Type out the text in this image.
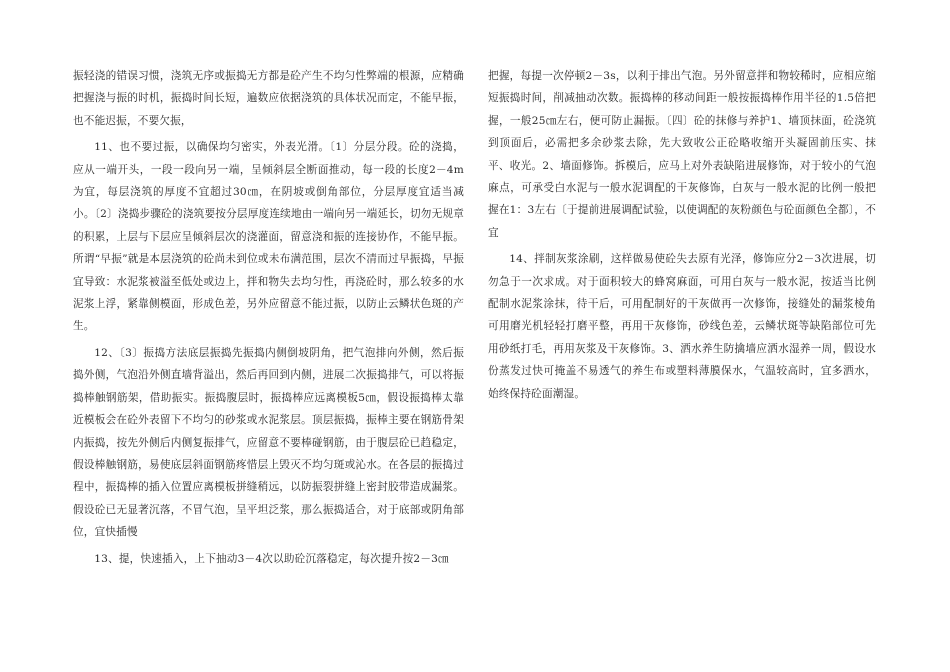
振轻浇的错误习惯，浇筑无序或振捣无方都是砼产生不均匀性弊端的根源，应精确　　把握浇与振的时机，振捣时间长短，遍数应依据浇筑的具体状况而定，不能早振，也不能迟振，不要欠振，

11、也不要过振，以确保均匀密实，外表光滑。〔1〕分层分段。砼的浇捣，应从一端开头，一段一段向另一端，呈倾斜层全断面推动，每一段的长度2－4m为宜，每层浇筑的厚度不宜超过30㎝，在阴坡或倒角部位，分层厚度宜适当减小。〔2〕浇捣步骤砼的浇筑要按分层厚度连续地由一端向另一端延长，切勿无规章的积累，上层与下层应呈倾斜层次的浇灌面，留意浇和振的连接协作，不能早振。所谓“早振”就是本层浇筑的砼尚未到位或未布满范围，层次不清而过早振捣，早振宜导致：水泥浆被溢至低处或边上，拌和物失去均匀性，再浇砼时，那么较多的水泥浆上浮，紧靠侧模面，形成色差，另外应留意不能过振，以防止云鳞状色斑的产生。

12、〔3〕振捣方法底层振捣先振捣内侧倒坡阴角，把气泡排向外侧，然后振捣外侧，气泡沿外侧直墙背溢出，然后再回到内侧，进展二次振捣排气，可以将振捣棒触钢筋架，借助振实。振捣腹层时，振捣棒应远离模板5㎝，假设振捣棒太靠近模板会在砼外表留下不均匀的砂浆或水泥浆层。顶层振捣，振棒主要在钢筋骨架内振捣，按先外侧后内侧复振排气，应留意不要棒碰钢筋，由于腹层砼已趋稳定，假设棒触钢筋，易使底层斜面钢筋疼惜层上毁灭不均匀斑或沁水。在各层的振捣过程中，振捣棒的插入位置应离模板拼缝稍远，以防振裂拼缝上密封胶带造成漏浆。假设砼已无显著沉落，不冒气泡，呈平坦泛浆，那么振捣适合，对于底部或阴角部位，宜快插慢

13、提，快速插入，上下抽动3－4次以助砼沉落稳定，每次提升按2－3㎝

把握，每提一次停顿2－3s，以利于排出气泡。另外留意拌和物较稀时，应相应缩短振捣时间，削减抽动次数。振捣棒的移动间距一般按振捣棒作用半径的1.5倍把握，一般25㎝左右，便可防止漏振。〔四〕砼的抹修与养护1、墙顶抹面，砼浇筑到顶面后，必需把多余砂浆去除，先大致收公正砼略收缩开头凝固前压实、抹平、收光。2、墙面修饰。拆模后，应马上对外表缺陷进展修饰，对于较小的气泡麻点，可承受白水泥与一般水泥调配的干灰修饰，白灰与一般水泥的比例一般把握在1：3左右〔于提前进展调配试验，以使调配的灰粉颜色与砼面颜色全都〕，不宜

14、拌制灰浆涂刷，这样做易使砼失去原有光泽，修饰应分2－3次进展，切勿急于一次求成。对于面积较大的蜂窝麻面，可用白灰与一般水泥，按适当比例配制水泥浆涂抹，待干后，可用配制好的干灰做再一次修饰，接缝处的漏浆棱角可用磨光机轻轻打磨平整，再用干灰修饰，砂线色差，云鳞状斑等缺陷部位可先用砂纸打毛，再用灰浆及干灰修饰。3、洒水养生防擒墙应洒水湿养一周，假设水份蒸发过快可掩盖不易透气的养生布或塑料薄膜保水，气温较高时，宜多洒水，始终保持砼面潮湿。
